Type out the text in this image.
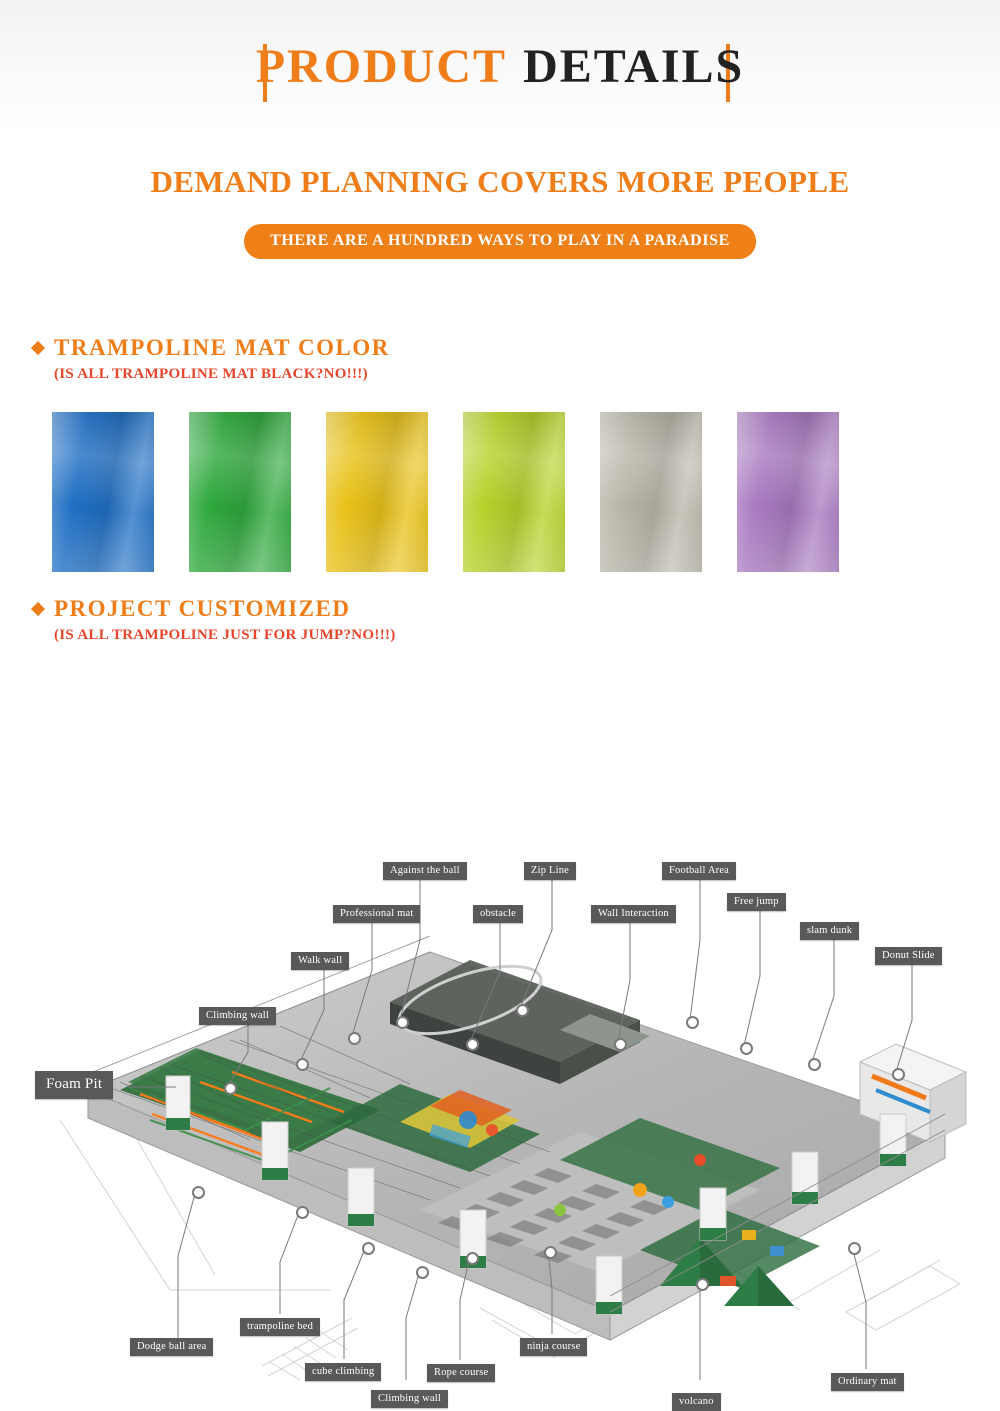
PRODUCT DETAILS
DEMAND PLANNING COVERS MORE PEOPLE
THERE ARE A HUNDRED WAYS TO PLAY IN A PARADISE
TRAMPOLINE MAT COLOR
(IS ALL TRAMPOLINE MAT BLACK?NO!!!)
PROJECT CUSTOMIZED
(IS ALL TRAMPOLINE JUST FOR JUMP?NO!!!)
Against the ball	Zip Line	Football Area
Professional mat	obstacle	Wall Interaction
Free jump
Walk wall
slam dunk
Donut Slide
Climbing wall
Foam Pit
Dodge ball area
trampoline bed
cube climbing
Climbing wall
Rope course
ninja course
volcano
Ordinary mat
